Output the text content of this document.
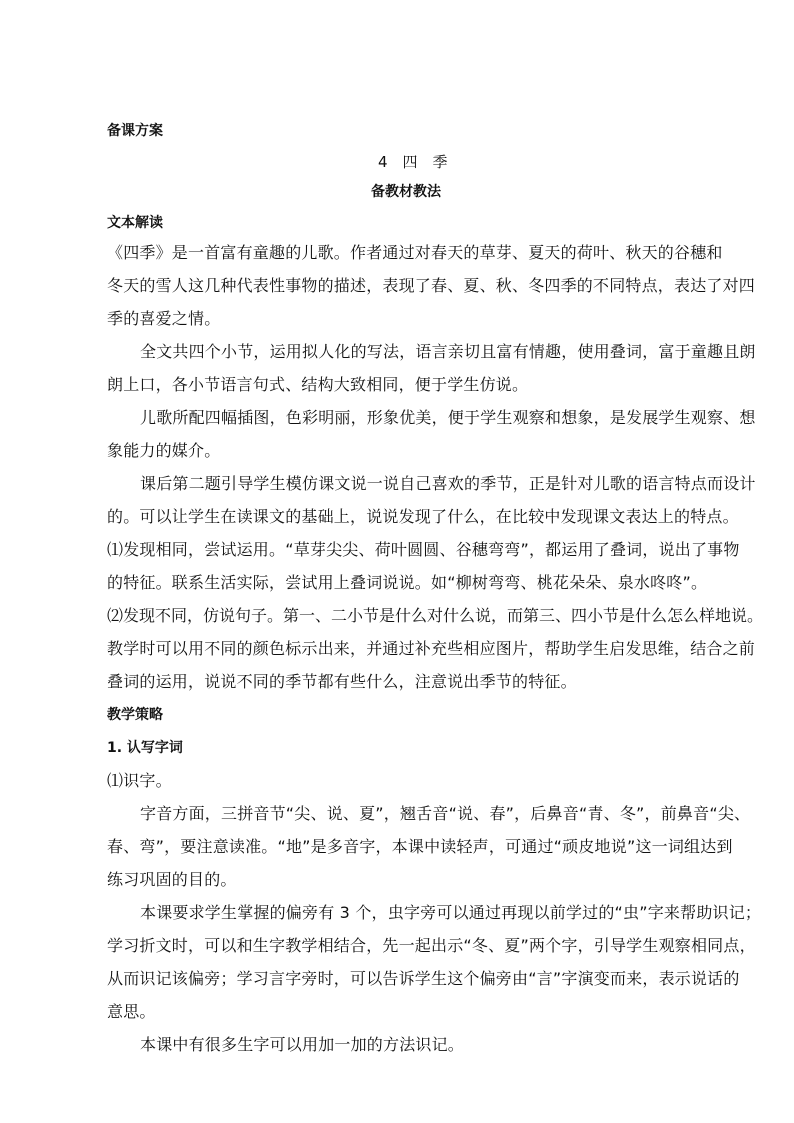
备课方案
4　四　季
备教材教法
文本解读
《四季》是一首富有童趣的儿歌。作者通过对春天的草芽、夏天的荷叶、秋天的谷穗和
冬天的雪人这几种代表性事物的描述，表现了春、夏、秋、冬四季的不同特点，表达了对四
季的喜爱之情。
全文共四个小节，运用拟人化的写法，语言亲切且富有情趣，使用叠词，富于童趣且朗
朗上口，各小节语言句式、结构大致相同，便于学生仿说。
儿歌所配四幅插图，色彩明丽，形象优美，便于学生观察和想象，是发展学生观察、想
象能力的媒介。
课后第二题引导学生模仿课文说一说自己喜欢的季节，正是针对儿歌的语言特点而设计
的。可以让学生在读课文的基础上，说说发现了什么，在比较中发现课文表达上的特点。
⑴发现相同，尝试运用。“草芽尖尖、荷叶圆圆、谷穗弯弯”，都运用了叠词，说出了事物
的特征。联系生活实际，尝试用上叠词说说。如“柳树弯弯、桃花朵朵、泉水咚咚”。
⑵发现不同，仿说句子。第一、二小节是什么对什么说，而第三、四小节是什么怎么样地说。
教学时可以用不同的颜色标示出来，并通过补充些相应图片，帮助学生启发思维，结合之前
叠词的运用，说说不同的季节都有些什么，注意说出季节的特征。
教学策略
1. 认写字词
⑴识字。
字音方面，三拼音节“尖、说、夏”，翘舌音“说、春”，后鼻音“青、冬”，前鼻音“尖、
春、弯”，要注意读准。“地”是多音字，本课中读轻声，可通过“顽皮地说”这一词组达到
练习巩固的目的。
本课要求学生掌握的偏旁有 3 个，虫字旁可以通过再现以前学过的“虫”字来帮助识记；
学习折文时，可以和生字教学相结合，先一起出示“冬、夏”两个字，引导学生观察相同点，
从而识记该偏旁；学习言字旁时，可以告诉学生这个偏旁由“言”字演变而来，表示说话的
意思。
本课中有很多生字可以用加一加的方法识记。
